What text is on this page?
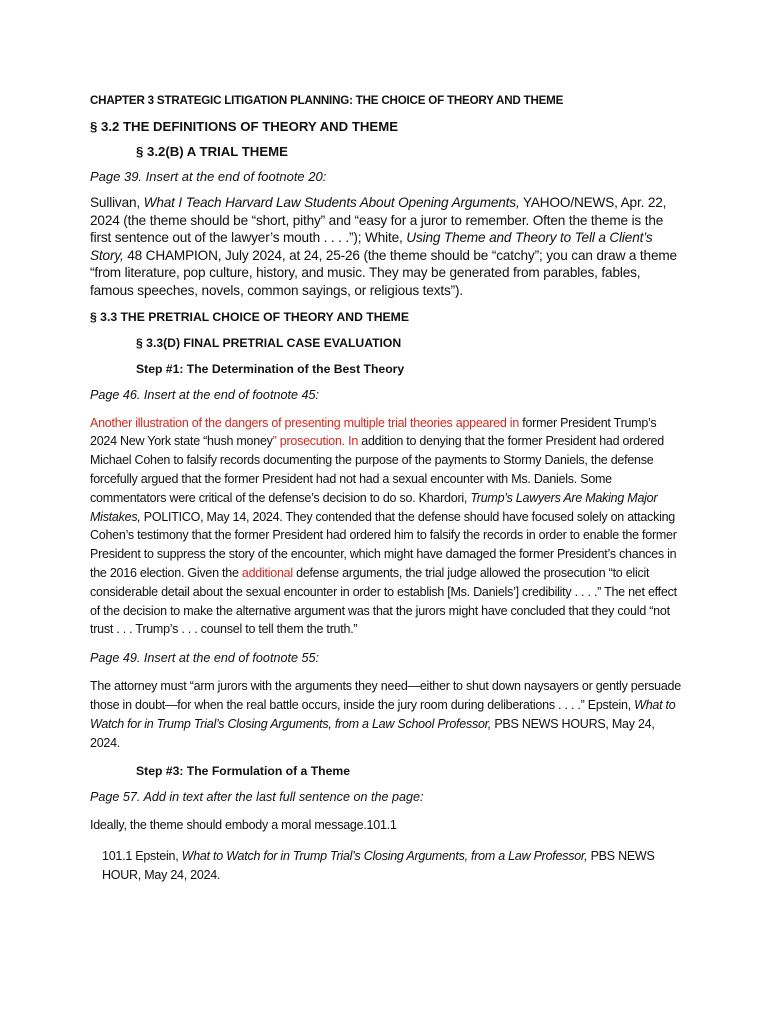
CHAPTER 3 STRATEGIC LITIGATION PLANNING: THE CHOICE OF THEORY AND THEME
§ 3.2 THE DEFINITIONS OF THEORY AND THEME
§ 3.2(B) A TRIAL THEME
Page 39. Insert at the end of footnote 20:

Sullivan, What I Teach Harvard Law Students About Opening Arguments, YAHOO/NEWS, Apr. 22, 2024 (the theme should be “short, pithy” and “easy for a juror to remember. Often the theme is the first sentence out of the lawyer’s mouth . . . .”); White, Using Theme and Theory to Tell a Client’s Story, 48 CHAMPION, July 2024, at 24, 25-26 (the theme should be “catchy”; you can draw a theme “from literature, pop culture, history, and music. They may be generated from parables, fables, famous speeches, novels, common sayings, or religious texts”).

§ 3.3 THE PRETRIAL CHOICE OF THEORY AND THEME
§ 3.3(D) FINAL PRETRIAL CASE EVALUATION
Step #1: The Determination of the Best Theory
Page 46. Insert at the end of footnote 45:

Another illustration of the dangers of presenting multiple trial theories appeared in former President Trump’s 2024 New York state “hush money” prosecution. In addition to denying that the former President had ordered Michael Cohen to falsify records documenting the purpose of the payments to Stormy Daniels, the defense forcefully argued that the former President had not had a sexual encounter with Ms. Daniels. Some commentators were critical of the defense’s decision to do so. Khardori, Trump’s Lawyers Are Making Major Mistakes, POLITICO, May 14, 2024. They contended that the defense should have focused solely on attacking Cohen’s testimony that the former President had ordered him to falsify the records in order to enable the former President to suppress the story of the encounter, which might have damaged the former President’s chances in the 2016 election. Given the additional defense arguments, the trial judge allowed the prosecution “to elicit considerable detail about the sexual encounter in order to establish [Ms. Daniels’] credibility . . . .” The net effect of the decision to make the alternative argument was that the jurors might have concluded that they could “not trust . . . Trump’s . . . counsel to tell them the truth.”

Page 49. Insert at the end of footnote 55:

The attorney must “arm jurors with the arguments they need—either to shut down naysayers or gently persuade those in doubt—for when the real battle occurs, inside the jury room during deliberations . . . .” Epstein, What to Watch for in Trump Trial’s Closing Arguments, from a Law School Professor, PBS NEWS HOURS, May 24, 2024.

Step #3: The Formulation of a Theme
Page 57. Add in text after the last full sentence on the page:

Ideally, the theme should embody a moral message.101.1

101.1 Epstein, What to Watch for in Trump Trial’s Closing Arguments, from a Law Professor, PBS NEWS HOUR, May 24, 2024.
